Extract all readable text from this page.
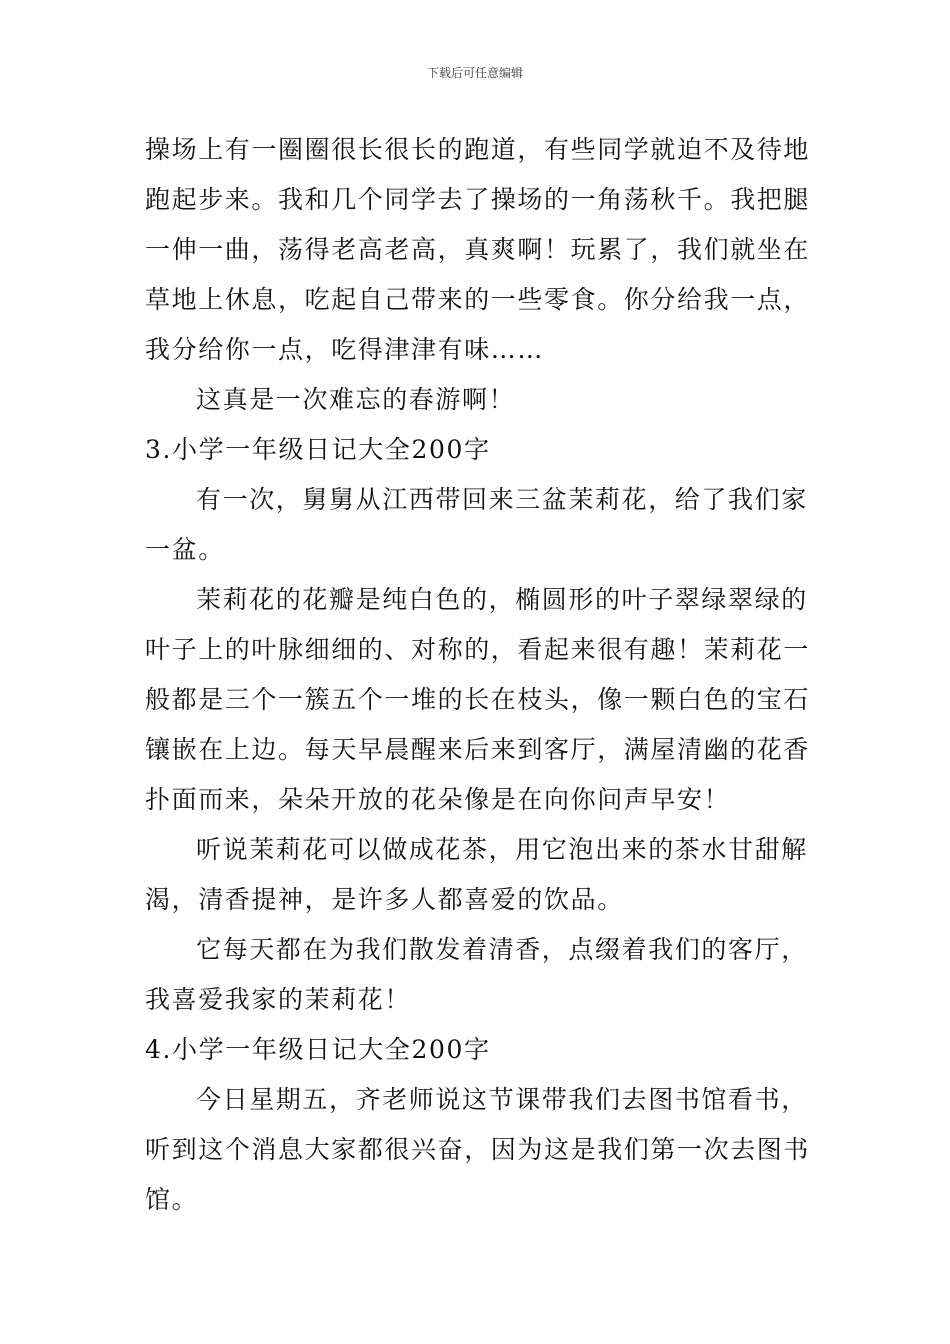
下载后可任意编辑
操场上有一圈圈很长很长的跑道，有些同学就迫不及待地
跑起步来。我和几个同学去了操场的一角荡秋千。我把腿
一伸一曲，荡得老高老高，真爽啊！玩累了，我们就坐在
草地上休息，吃起自己带来的一些零食。你分给我一点，
我分给你一点，吃得津津有味……
这真是一次难忘的春游啊！
3.小学一年级日记大全200字
有一次，舅舅从江西带回来三盆茉莉花，给了我们家
一盆。
茉莉花的花瓣是纯白色的，椭圆形的叶子翠绿翠绿的
叶子上的叶脉细细的、对称的，看起来很有趣！茉莉花一
般都是三个一簇五个一堆的长在枝头，像一颗白色的宝石
镶嵌在上边。每天早晨醒来后来到客厅，满屋清幽的花香
扑面而来，朵朵开放的花朵像是在向你问声早安！
听说茉莉花可以做成花茶，用它泡出来的茶水甘甜解
渴，清香提神，是许多人都喜爱的饮品。
它每天都在为我们散发着清香，点缀着我们的客厅，
我喜爱我家的茉莉花！
4.小学一年级日记大全200字
今日星期五，齐老师说这节课带我们去图书馆看书，
听到这个消息大家都很兴奋，因为这是我们第一次去图书
馆。
